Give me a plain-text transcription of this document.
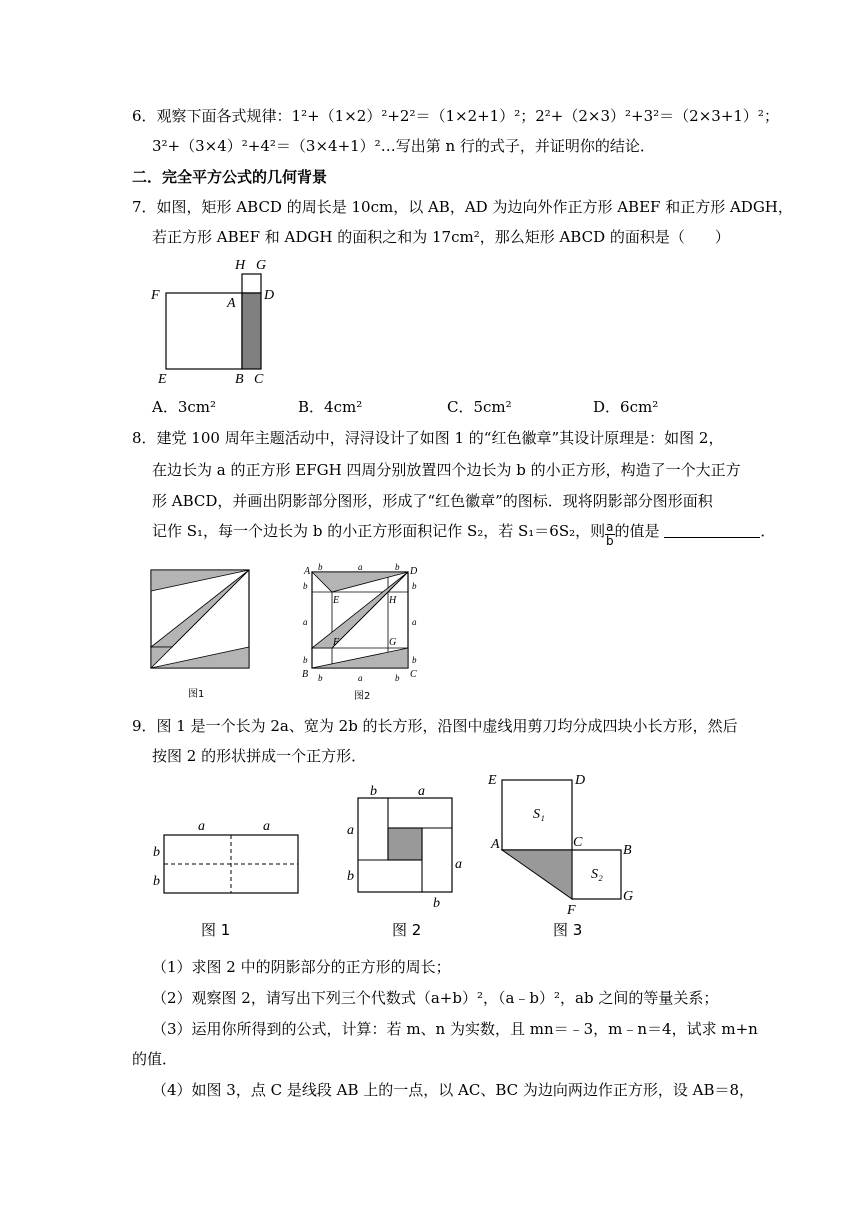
6．观察下面各式规律：1²+（1×2）²+2²＝（1×2+1）²；2²+（2×3）²+3²＝（2×3+1）²；
3²+（3×4）²+4²＝（3×4+1）²…写出第 n 行的式子，并证明你的结论．
二．完全平方公式的几何背景
7．如图，矩形 ABCD 的周长是 10cm，以 AB，AD 为边向外作正方形 ABEF 和正方形 ADGH，
若正方形 ABEF 和 ADGH 的面积之和为 17cm²，那么矩形 ABCD 的面积是（　　）
H G
F
A
D
E	B C
A．3cm²	B．4cm²	C．5cm²	D．6cm²
8．建党 100 周年主题活动中，浔浔设计了如图 1 的“红色徽章”其设计原理是：如图 2，
在边长为 a 的正方形 EFGH 四周分别放置四个边长为 b 的小正方形，构造了一个大正方
形 ABCD，并画出阴影部分图形，形成了“红色徽章”的图标．现将阴影部分图形面积
记作 S₁，每一个边长为 b 的小正方形面积记作 S₂，若 S₁＝6S₂，则 $\frac{a}{b}$ 的值是	．
图1
A	D
B	C
E	H
F	G
b	a	b
b
a
b
b
a
b
b	a	b
图2
9．图 1 是一个长为 2a、宽为 2b 的长方形，沿图中虚线用剪刀均分成四块小长方形，然后
按图 2 的形状拼成一个正方形．
a	a
b
b
图 1
b	a
a
b
a
b
图 2
E	D
S₁
C
B
A
S₂
F
G
图 3
（1）求图 2 中的阴影部分的正方形的周长；
（2）观察图 2，请写出下列三个代数式（a+b）²，（a﹣b）²，ab 之间的等量关系；
（3）运用你所得到的公式，计算：若 m、n 为实数，且 mn＝﹣3，m﹣n＝4，试求 m+n
的值．
（4）如图 3，点 C 是线段 AB 上的一点，以 AC、BC 为边向两边作正方形，设 AB＝8，
